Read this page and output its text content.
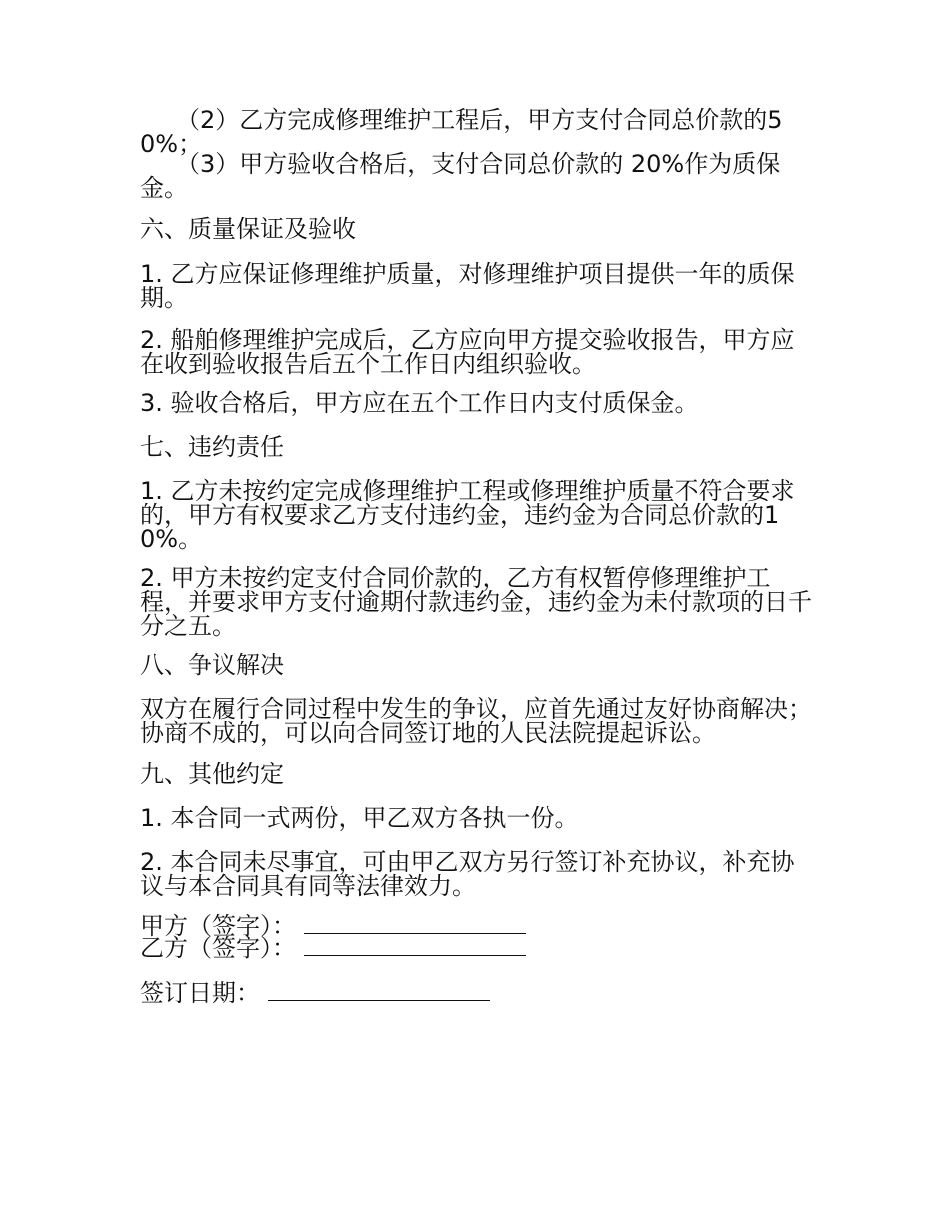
（2）乙方完成修理维护工程后，甲方支付合同总价款的50%；
（3）甲方验收合格后，支付合同总价款的 20%作为质保金。
六、质量保证及验收
1. 乙方应保证修理维护质量，对修理维护项目提供一年的质保期。
2. 船舶修理维护完成后，乙方应向甲方提交验收报告，甲方应在收到验收报告后五个工作日内组织验收。
3. 验收合格后，甲方应在五个工作日内支付质保金。
七、违约责任
1. 乙方未按约定完成修理维护工程或修理维护质量不符合要求的，甲方有权要求乙方支付违约金，违约金为合同总价款的10%。
2. 甲方未按约定支付合同价款的，乙方有权暂停修理维护工程，并要求甲方支付逾期付款违约金，违约金为未付款项的日千分之五。
八、争议解决
双方在履行合同过程中发生的争议，应首先通过友好协商解决；协商不成的，可以向合同签订地的人民法院提起诉讼。
九、其他约定
1. 本合同一式两份，甲乙双方各执一份。
2. 本合同未尽事宜，可由甲乙双方另行签订补充协议，补充协议与本合同具有同等法律效力。
甲方（签字）：
乙方（签字）：
签订日期：
